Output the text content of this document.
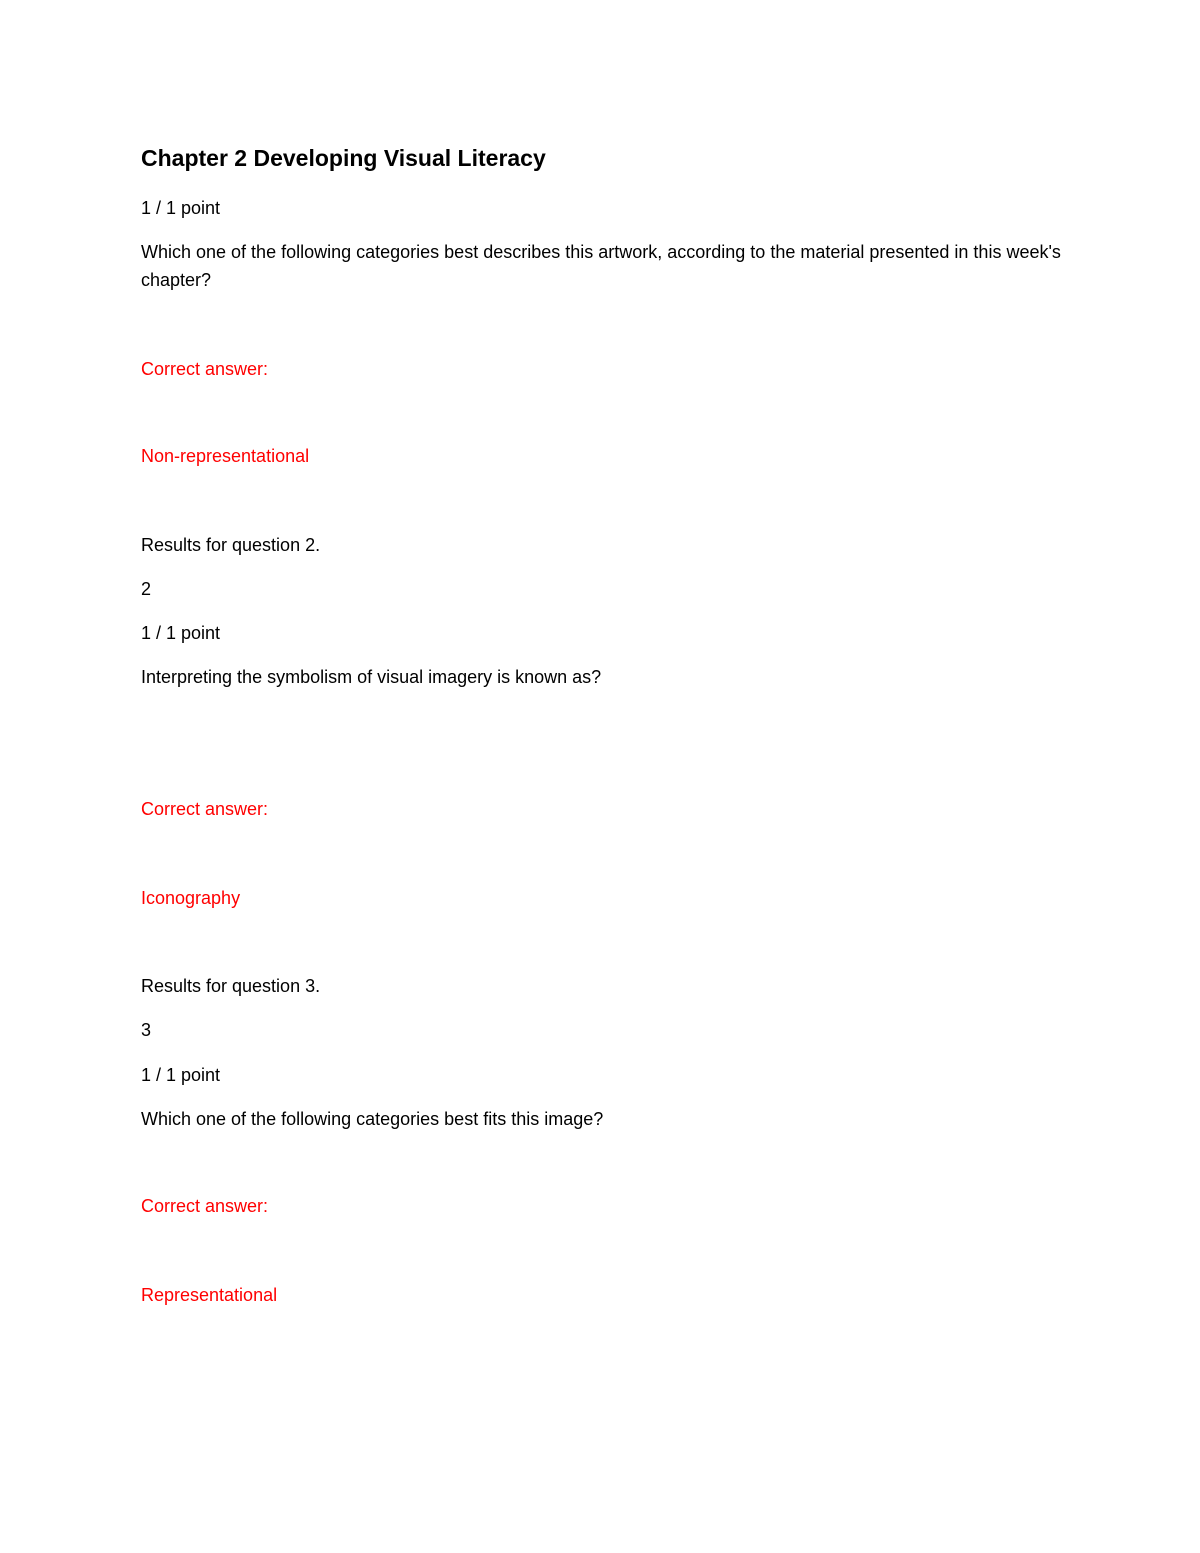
Chapter 2 Developing Visual Literacy
1 / 1 point
Which one of the following categories best describes this artwork, according to the material presented in this week's chapter?
Correct answer:
Non-representational
Results for question 2.
2
1 / 1 point
Interpreting the symbolism of visual imagery is known as?
Correct answer:
Iconography
Results for question 3.
3
1 / 1 point
Which one of the following categories best fits this image?
Correct answer:
Representational
